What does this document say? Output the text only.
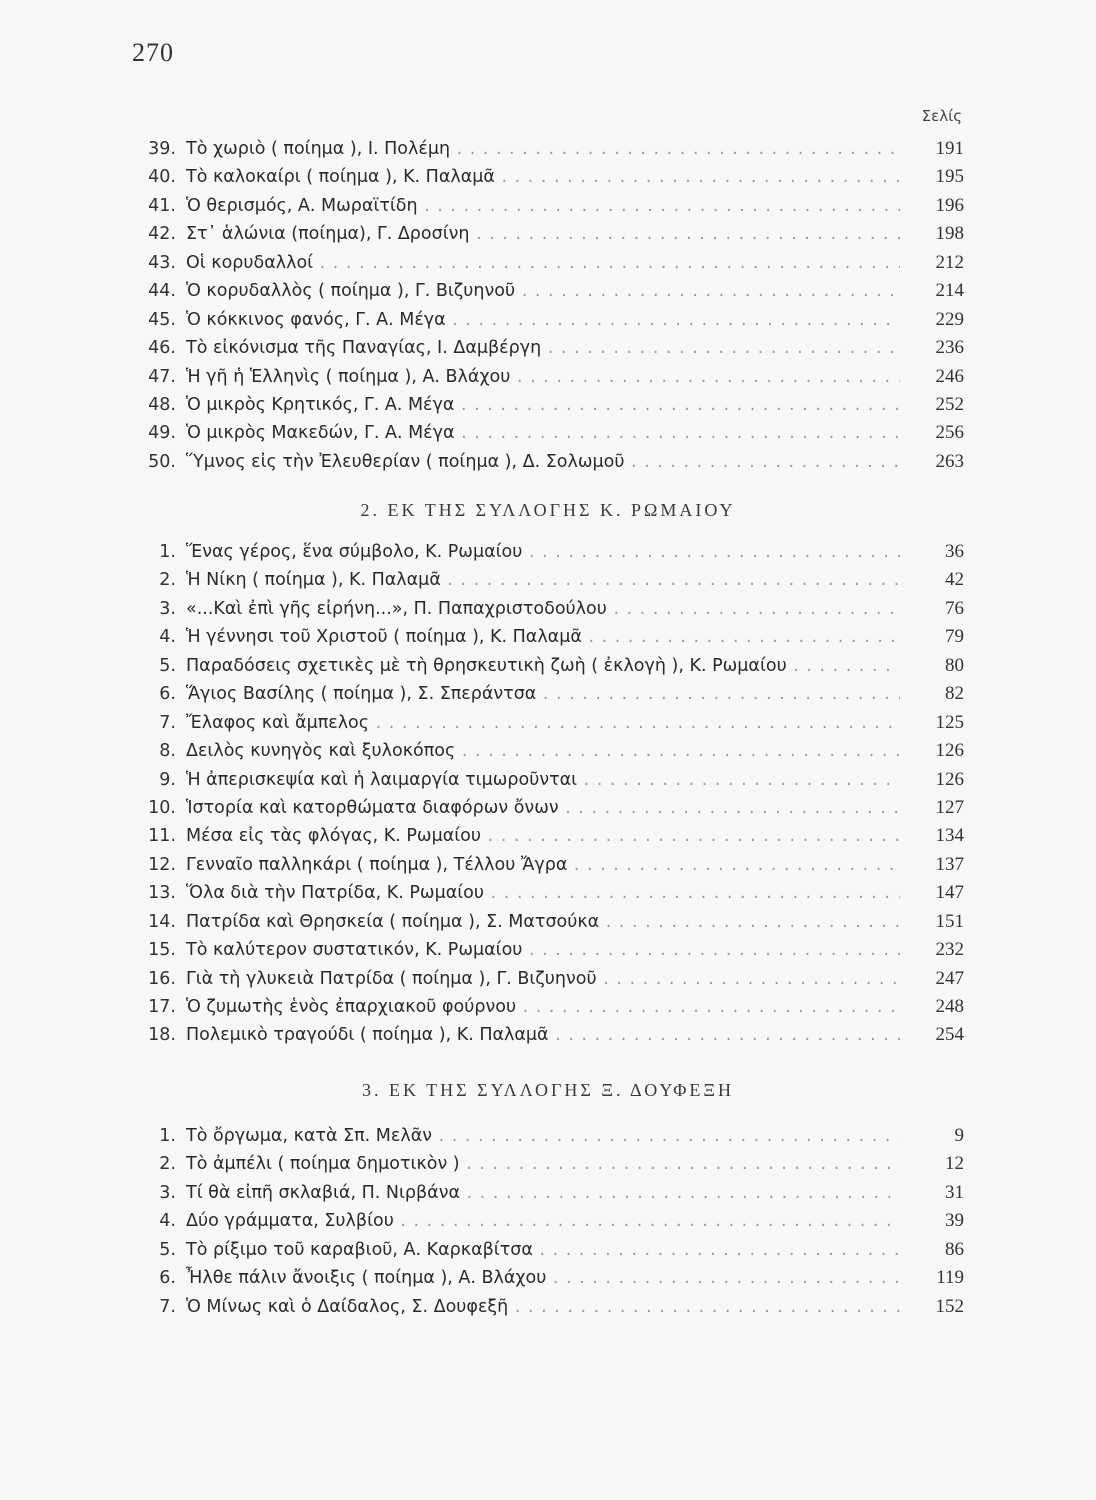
270
Σελίς
39. Τὸ χωριὸ ( ποίημα ), Ι. Πολέμη . . .	191
40. Τὸ καλοκαίρι ( ποίημα ), Κ. Παλαμᾶ . . .	195
41. Ὁ θερισμός, Α. Μωραϊτίδη . . .	196
42. Στ᾽ ἁλώνια (ποίημα), Γ. Δροσίνη . . .	198
43. Οἱ κορυδαλλοί . . .	212
44. Ὁ κορυδαλλὸς ( ποίημα ), Γ. Βιζυηνοῦ . . .	214
45. Ὁ κόκκινος φανός, Γ. Α. Μέγα . . .	229
46. Τὸ εἰκόνισμα τῆς Παναγίας, Ι. Δαμβέργη . . .	236
47. Ἡ γῆ ἡ Ἑλληνὶς ( ποίημα ), Α. Βλάχου . . .	246
48. Ὁ μικρὸς Κρητικός, Γ. Α. Μέγα . . .	252
49. Ὁ μικρὸς Μακεδών, Γ. Α. Μέγα . . .	256
50. Ὕμνος εἰς τὴν Ἐλευθερίαν ( ποίημα ), Δ. Σολωμοῦ . . .	263
2. ΕΚ ΤΗΣ ΣΥΛΛΟΓΗΣ Κ. ΡΩΜΑΙΟΥ
1. Ἕνας γέρος, ἕνα σύμβολο, Κ. Ρωμαίου . . .	36
2. Ἡ Νίκη ( ποίημα ), Κ. Παλαμᾶ . . .	42
3. «...Καὶ ἐπὶ γῆς εἰρήνη...», Π. Παπαχριστοδούλου . . .	76
4. Ἡ γέννησι τοῦ Χριστοῦ ( ποίημα ), Κ. Παλαμᾶ . . .	79
5. Παραδόσεις σχετικὲς μὲ τὴ θρησκευτικὴ ζωὴ ( ἐκλογὴ ), Κ. Ρωμαίου . . .	80
6. Ἅγιος Βασίλης ( ποίημα ), Σ. Σπεράντσα . . .	82
7. Ἔλαφος καὶ ἄμπελος . . .	125
8. Δειλὸς κυνηγὸς καὶ ξυλοκόπος . . .	126
9. Ἡ ἀπερισκεψία καὶ ἡ λαιμαργία τιμωροῦνται . . .	126
10. Ἱστορία καὶ κατορθώματα διαφόρων ὄνων . . .	127
11. Μέσα εἰς τὰς φλόγας, Κ. Ρωμαίου . . .	134
12. Γενναῖο παλληκάρι ( ποίημα ), Τέλλου Ἄγρα . . .	137
13. Ὅλα διὰ τὴν Πατρίδα, Κ. Ρωμαίου . . .	147
14. Πατρίδα καὶ Θρησκεία ( ποίημα ), Σ. Ματσούκα . . .	151
15. Τὸ καλύτερον συστατικόν, Κ. Ρωμαίου . . .	232
16. Γιὰ τὴ γλυκειὰ Πατρίδα ( ποίημα ), Γ. Βιζυηνοῦ . . .	247
17. Ὁ ζυμωτὴς ἑνὸς ἐπαρχιακοῦ φούρνου . . .	248
18. Πολεμικὸ τραγούδι ( ποίημα ), Κ. Παλαμᾶ . . .	254
3. ΕΚ ΤΗΣ ΣΥΛΛΟΓΗΣ Ξ. ΔΟΥΦΕΞΗ
1. Τὸ ὄργωμα, κατὰ Σπ. Μελᾶν . . .	9
2. Τὸ ἀμπέλι ( ποίημα δημοτικὸν ) . . .	12
3. Τί θὰ εἰπῆ σκλαβιά, Π. Νιρβάνα . . .	31
4. Δύο γράμματα, Συλβίου . . .	39
5. Τὸ ρίξιμο τοῦ καραβιοῦ, Α. Καρκαβίτσα . . .	86
6. Ἦλθε πάλιν ἄνοιξις ( ποίημα ), Α. Βλάχου . . .	119
7. Ὁ Μίνως καὶ ὁ Δαίδαλος, Σ. Δουφεξῆ . . .	152
